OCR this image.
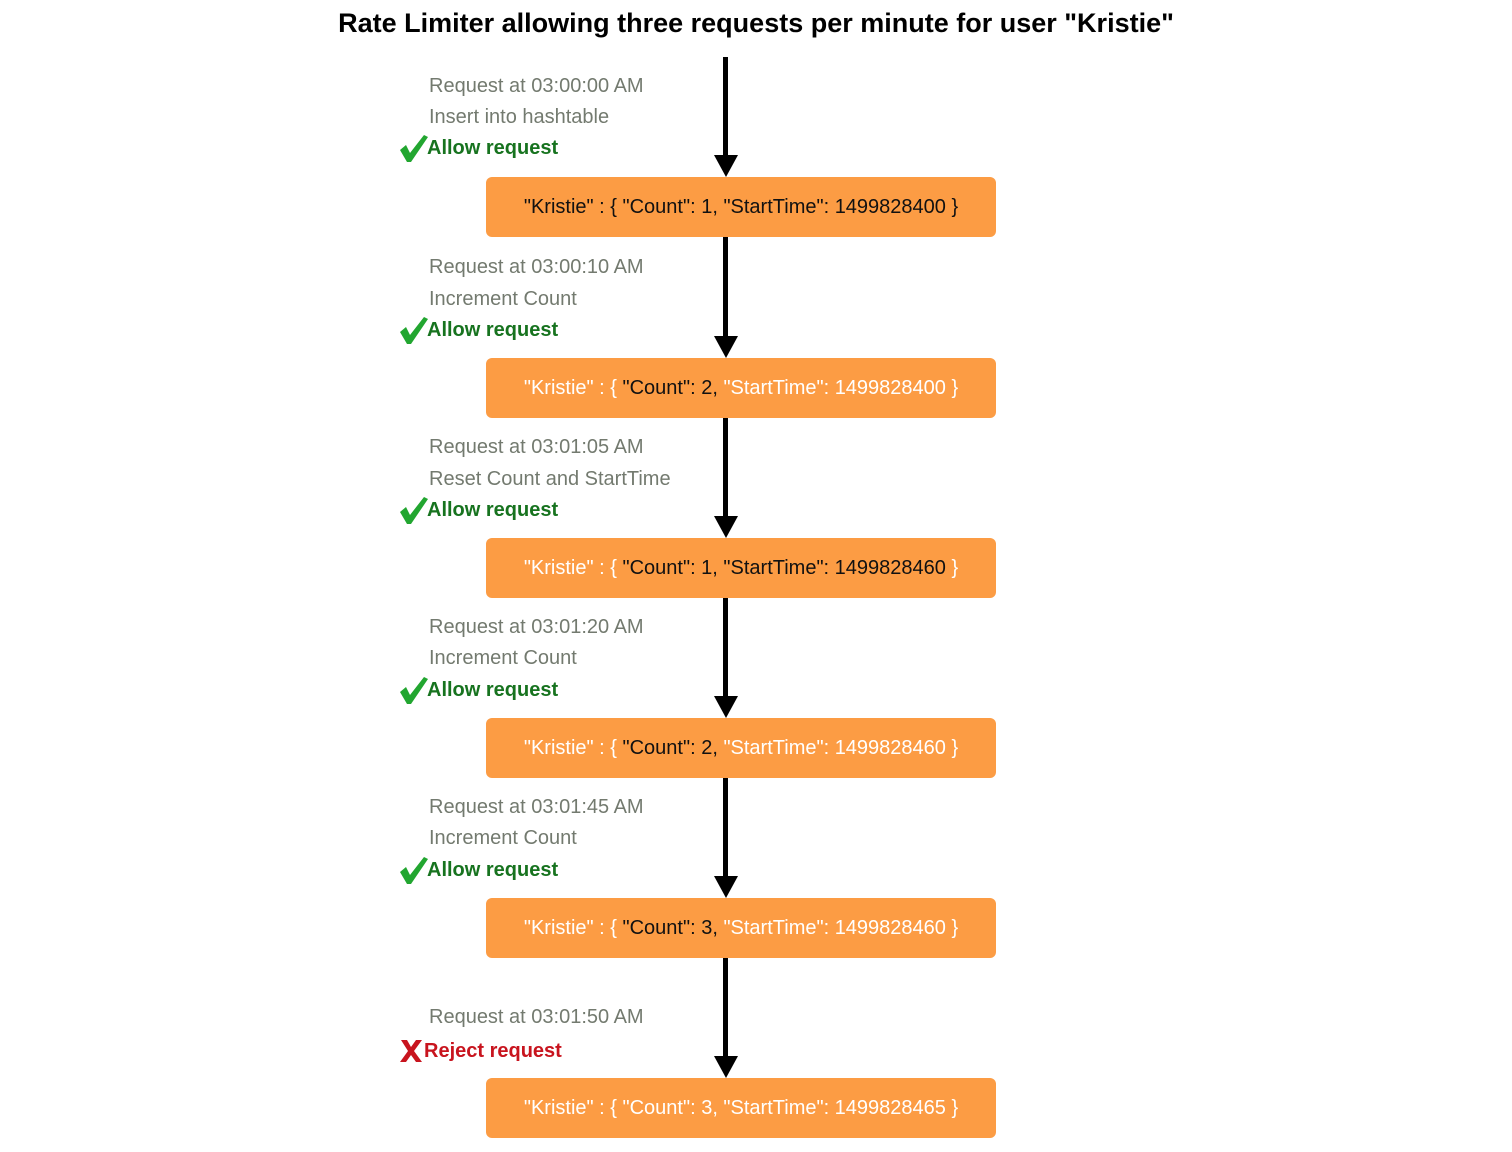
Rate Limiter allowing three requests per minute for user "Kristie"
Request at 03:00:00 AM
Insert into hashtable
Allow request
"Kristie" : { "Count": 1, "StartTime": 1499828400 }
Request at 03:00:10 AM
Increment Count
Allow request
"Kristie" : { "Count": 2, "StartTime": 1499828400 }
Request at 03:01:05 AM
Reset Count and StartTime
Allow request
"Kristie" : { "Count": 1, "StartTime": 1499828460 }
Request at 03:01:20 AM
Increment Count
Allow request
"Kristie" : { "Count": 2, "StartTime": 1499828460 }
Request at 03:01:45 AM
Increment Count
Allow request
"Kristie" : { "Count": 3, "StartTime": 1499828460 }
Request at 03:01:50 AM
Reject request
"Kristie" : { "Count": 3, "StartTime": 1499828465 }
